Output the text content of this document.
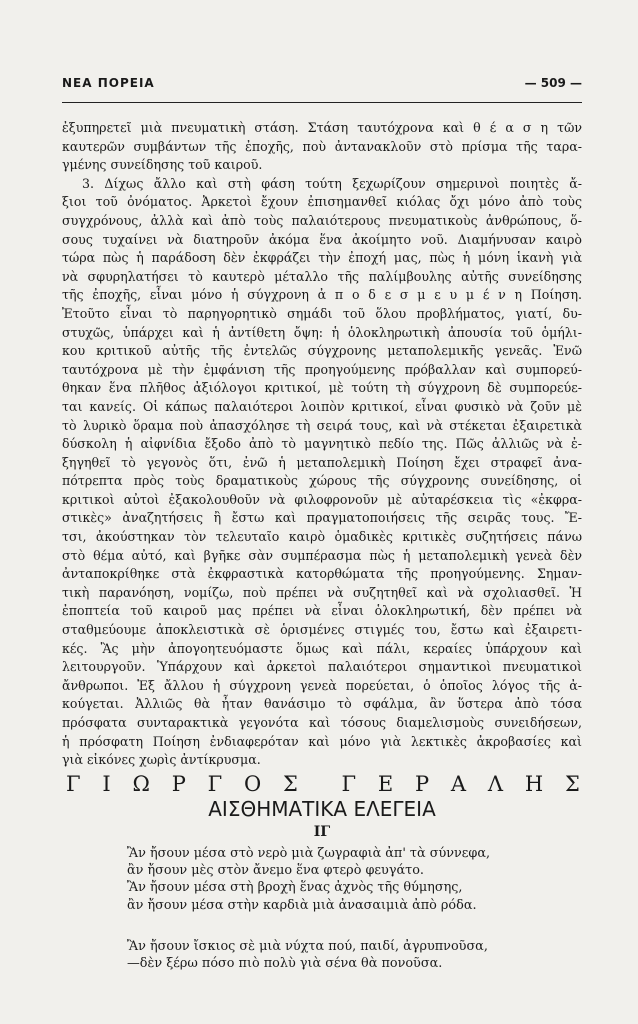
ΝΕΑ ΠΟΡΕΙΑ	— 509 —
ἐξυπηρετεῖ μιὰ πνευματικὴ στάση. Στάση ταυτόχρονα καὶ θ έ α σ η τῶν
καυτερῶν συμβάντων τῆς ἐποχῆς, ποὺ ἀντανακλοῦν στὸ πρίσμα τῆς ταρα-
γμένης συνείδησης τοῦ καιροῦ.
3. Δίχως ἄλλο καὶ στὴ φάση τούτη ξεχωρίζουν σημερινοὶ ποιητὲς ἄ-
ξιοι τοῦ ὀνόματος. Ἀρκετοὶ ἔχουν ἐπισημανθεῖ κιόλας ὄχι μόνο ἀπὸ τοὺς
συγχρόνους, ἀλλὰ καὶ ἀπὸ τοὺς παλαιότερους πνευματικοὺς ἀνθρώπους, ὅ-
σους τυχαίνει νὰ διατηροῦν ἀκόμα ἕνα ἀκοίμητο νοῦ. Διαμήνυσαν καιρὸ
τώρα πὼς ἡ παράδοση δὲν ἐκφράζει τὴν ἐποχή μας, πὼς ἡ μόνη ἱκανὴ γιὰ
νὰ σφυρηλατήσει τὸ καυτερὸ μέταλλο τῆς παλίμβουλης αὐτῆς συνείδησης
τῆς ἐποχῆς, εἶναι μόνο ἡ σύγχρονη ἀ π ο δ ε σ μ ε υ μ έ ν η Ποίηση.
Ἐτοῦτο εἶναι τὸ παρηγορητικὸ σημάδι τοῦ ὅλου προβλήματος, γιατί, δυ-
στυχῶς, ὑπάρχει καὶ ἡ ἀντίθετη ὄψη: ἡ ὁλοκληρωτικὴ ἀπουσία τοῦ ὁμήλι-
κου κριτικοῦ αὐτῆς τῆς ἐντελῶς σύγχρονης μεταπολεμικῆς γενεᾶς. Ἐνῶ
ταυτόχρονα μὲ τὴν ἐμφάνιση τῆς προηγούμενης πρόβαλλαν καὶ συμπορεύ-
θηκαν ἕνα πλῆθος ἀξιόλογοι κριτικοί, μὲ τούτη τὴ σύγχρονη δὲ συμπορεύε-
ται κανείς. Οἱ κάπως παλαιότεροι λοιπὸν κριτικοί, εἶναι φυσικὸ νὰ ζοῦν μὲ
τὸ λυρικὸ ὅραμα ποὺ ἀπασχόλησε τὴ σειρά τους, καὶ νὰ στέκεται ἐξαιρετικὰ
δύσκολη ἡ αἰφνίδια ἔξοδο ἀπὸ τὸ μαγνητικὸ πεδίο της. Πῶς ἀλλιῶς νὰ ἐ-
ξηγηθεῖ τὸ γεγονὸς ὅτι, ἐνῶ ἡ μεταπολεμικὴ Ποίηση ἔχει στραφεῖ ἀνα-
πότρεπτα πρὸς τοὺς δραματικοὺς χώρους τῆς σύγχρονης συνείδησης, οἱ
κριτικοὶ αὐτοὶ ἐξακολουθοῦν νὰ φιλοφρονοῦν μὲ αὐταρέσκεια τὶς «ἐκφρα-
στικὲς» ἀναζητήσεις ἢ ἔστω καὶ πραγματοποιήσεις τῆς σειρᾶς τους. Ἔ-
τσι, ἀκούστηκαν τὸν τελευταῖο καιρὸ ὁμαδικὲς κριτικὲς συζητήσεις πάνω
στὸ θέμα αὐτό, καὶ βγῆκε σὰν συμπέρασμα πὼς ἡ μεταπολεμικὴ γενεὰ δὲν
ἀνταποκρίθηκε στὰ ἐκφραστικὰ κατορθώματα τῆς προηγούμενης. Σημαν-
τικὴ παρανόηση, νομίζω, ποὺ πρέπει νὰ συζητηθεῖ καὶ νὰ σχολιασθεῖ. Ἡ
ἐποπτεία τοῦ καιροῦ μας πρέπει νὰ εἶναι ὁλοκληρωτική, δὲν πρέπει νὰ
σταθμεύουμε ἀποκλειστικὰ σὲ ὁρισμένες στιγμές του, ἔστω καὶ ἐξαιρετι-
κές. Ἂς μὴν ἀπογοητευόμαστε ὅμως καὶ πάλι, κεραίες ὑπάρχουν καὶ
λειτουργοῦν. Ὑπάρχουν καὶ ἀρκετοὶ παλαιότεροι σημαντικοὶ πνευματικοὶ
ἄνθρωποι. Ἐξ ἄλλου ἡ σύγχρονη γενεὰ πορεύεται, ὁ ὁποῖος λόγος τῆς ἀ-
κούγεται. Ἀλλιῶς θὰ ἦταν θανάσιμο τὸ σφάλμα, ἂν ὕστερα ἀπὸ τόσα
πρόσφατα συνταρακτικὰ γεγονότα καὶ τόσους διαμελισμοὺς συνειδήσεων,
ἡ πρόσφατη Ποίηση ἐνδιαφερόταν καὶ μόνο γιὰ λεκτικὲς ἀκροβασίες καὶ
γιὰ εἰκόνες χωρὶς ἀντίκρυσμα.
Γ Ι Ω Ρ Γ Ο Σ Γ Ε Ρ Α Λ Η Σ
ΑΙΣΘΗΜΑΤΙΚΑ ΕΛΕΓΕΙΑ
ΙΓ
Ἂν ἤσουν μέσα στὸ νερὸ μιὰ ζωγραφιὰ ἀπ' τὰ σύννεφα,
ἂν ἤσουν μὲς στὸν ἄνεμο ἕνα φτερὸ φευγάτο.
Ἂν ἤσουν μέσα στὴ βροχὴ ἕνας ἀχνὸς τῆς θύμησης,
ἂν ἤσουν μέσα στὴν καρδιὰ μιὰ ἀνασαιμιὰ ἀπὸ ρόδα.
Ἂν ἤσουν ἴσκιος σὲ μιὰ νύχτα πού, παιδί, ἀγρυπνοῦσα,
—δὲν ξέρω πόσο πιὸ πολὺ γιὰ σένα θὰ πονοῦσα.
